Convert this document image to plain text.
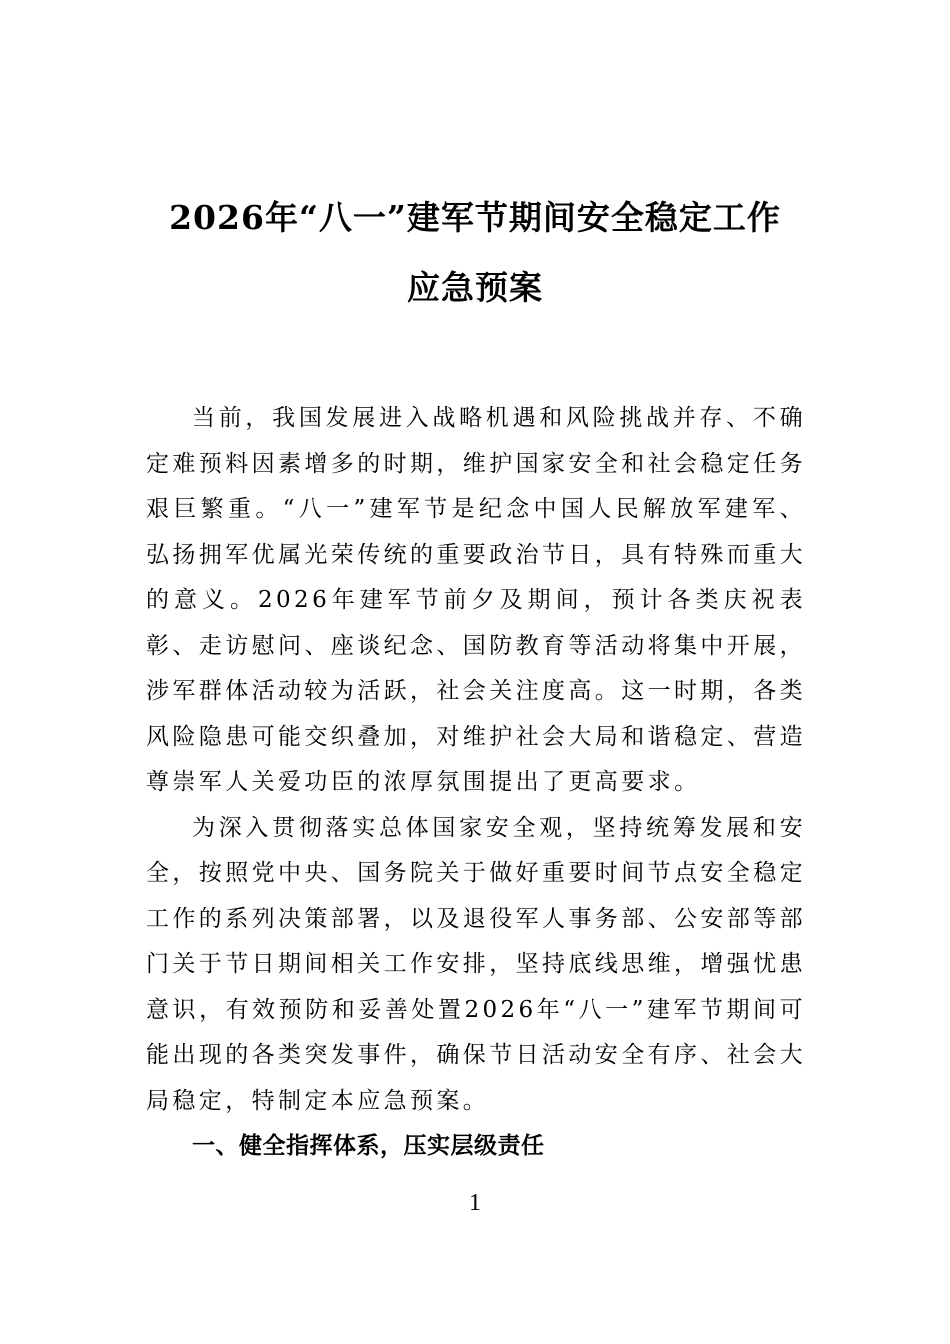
2026年“八一”建军节期间安全稳定工作
应急预案

当前，我国发展进入战略机遇和风险挑战并存、不确定难预料因素增多的时期，维护国家安全和社会稳定任务艰巨繁重。“八一”建军节是纪念中国人民解放军建军、弘扬拥军优属光荣传统的重要政治节日，具有特殊而重大的意义。2026年建军节前夕及期间，预计各类庆祝表彰、走访慰问、座谈纪念、国防教育等活动将集中开展，涉军群体活动较为活跃，社会关注度高。这一时期，各类风险隐患可能交织叠加，对维护社会大局和谐稳定、营造尊崇军人关爱功臣的浓厚氛围提出了更高要求。

为深入贯彻落实总体国家安全观，坚持统筹发展和安全，按照党中央、国务院关于做好重要时间节点安全稳定工作的系列决策部署，以及退役军人事务部、公安部等部门关于节日期间相关工作安排，坚持底线思维，增强忧患意识，有效预防和妥善处置2026年“八一”建军节期间可能出现的各类突发事件，确保节日活动安全有序、社会大局稳定，特制定本应急预案。

一、健全指挥体系，压实层级责任

1
